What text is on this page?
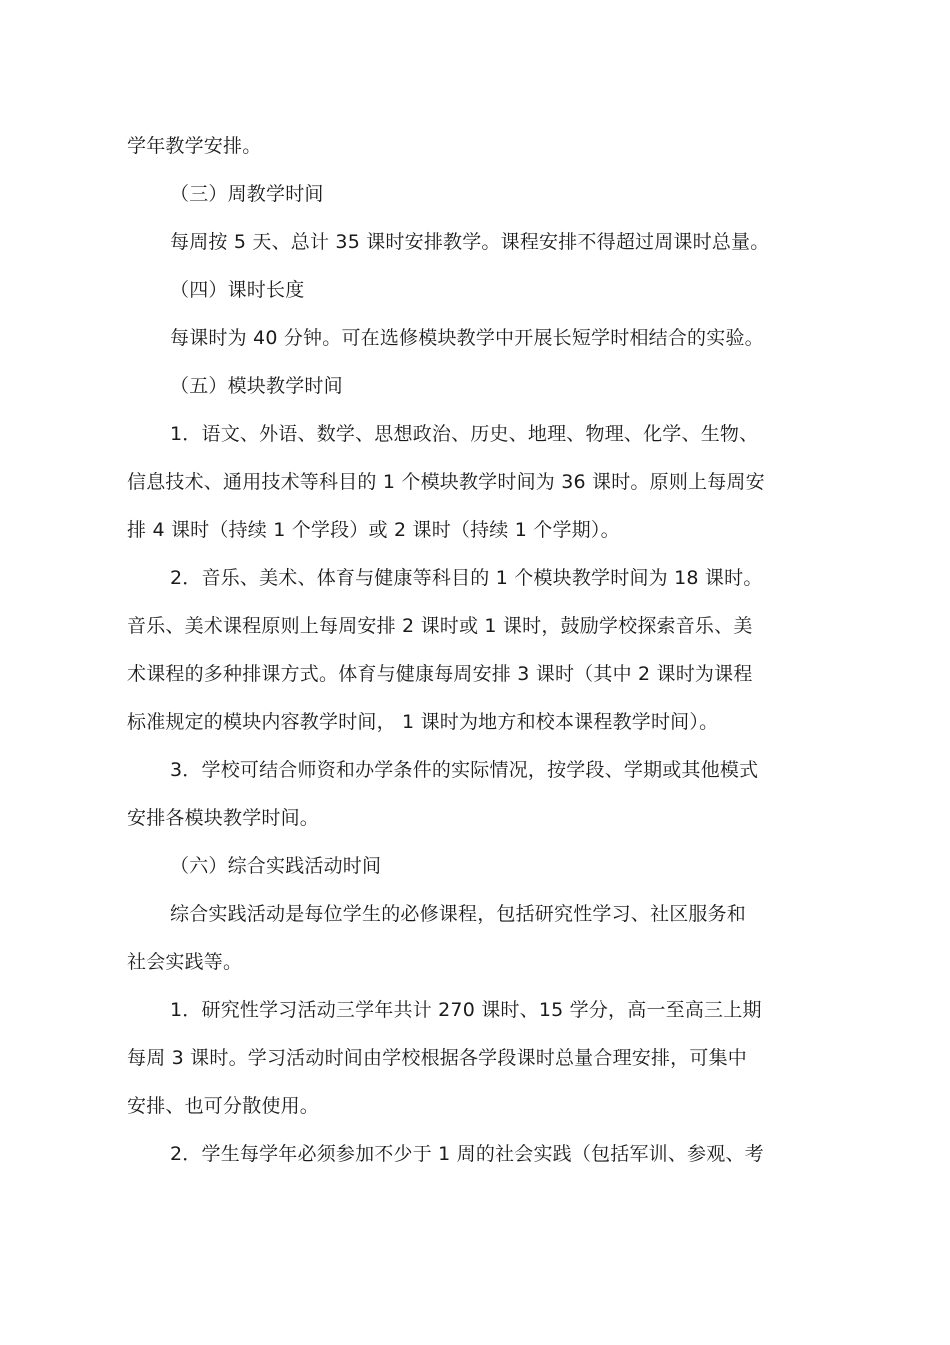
学年教学安排。
（三）周教学时间
每周按 5 天、总计 35 课时安排教学。课程安排不得超过周课时总量。
（四）课时长度
每课时为 40 分钟。可在选修模块教学中开展长短学时相结合的实验。
（五）模块教学时间
1．语文、外语、数学、思想政治、历史、地理、物理、化学、生物、
信息技术、通用技术等科目的 1 个模块教学时间为 36 课时。原则上每周安
排 4 课时（持续 1 个学段）或 2 课时（持续 1 个学期）。
2．音乐、美术、体育与健康等科目的 1 个模块教学时间为 18 课时。
音乐、美术课程原则上每周安排 2 课时或 1 课时，鼓励学校探索音乐、美
术课程的多种排课方式。体育与健康每周安排 3 课时（其中 2 课时为课程
标准规定的模块内容教学时间， 1 课时为地方和校本课程教学时间）。
3．学校可结合师资和办学条件的实际情况，按学段、学期或其他模式
安排各模块教学时间。
（六）综合实践活动时间
综合实践活动是每位学生的必修课程，包括研究性学习、社区服务和
社会实践等。
1．研究性学习活动三学年共计 270 课时、15 学分，高一至高三上期
每周 3 课时。学习活动时间由学校根据各学段课时总量合理安排，可集中
安排、也可分散使用。
2．学生每学年必须参加不少于 1 周的社会实践（包括军训、参观、考
